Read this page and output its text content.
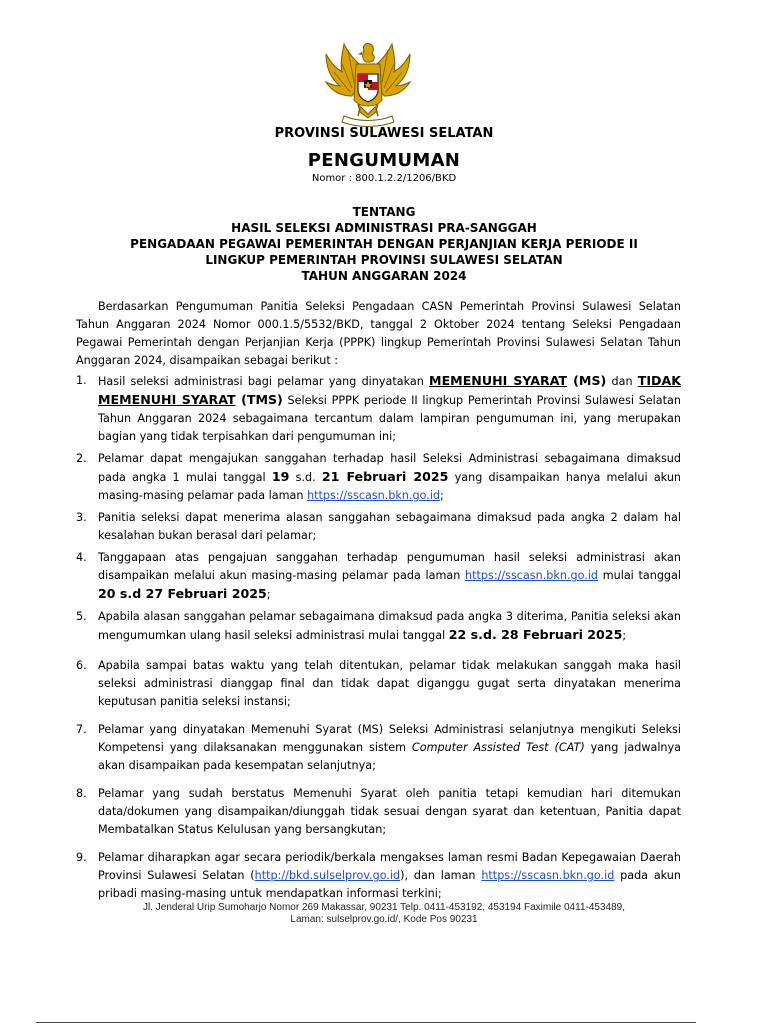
PROVINSI SULAWESI SELATAN
PENGUMUMAN
Nomor : 800.1.2.2/1206/BKD
TENTANG
HASIL SELEKSI ADMINISTRASI PRA-SANGGAH
PENGADAAN PEGAWAI PEMERINTAH DENGAN PERJANJIAN KERJA PERIODE II
LINGKUP PEMERINTAH PROVINSI SULAWESI SELATAN
TAHUN ANGGARAN 2024

Berdasarkan Pengumuman Panitia Seleksi Pengadaan CASN Pemerintah Provinsi Sulawesi Selatan Tahun Anggaran 2024 Nomor 000.1.5/5532/BKD, tanggal 2 Oktober 2024 tentang Seleksi Pengadaan Pegawai Pemerintah dengan Perjanjian Kerja (PPPK) lingkup Pemerintah Provinsi Sulawesi Selatan Tahun Anggaran 2024, disampaikan sebagai berikut :

1. Hasil seleksi administrasi bagi pelamar yang dinyatakan MEMENUHI SYARAT (MS) dan TIDAK MEMENUHI SYARAT (TMS) Seleksi PPPK periode II lingkup Pemerintah Provinsi Sulawesi Selatan Tahun Anggaran 2024 sebagaimana tercantum dalam lampiran pengumuman ini, yang merupakan bagian yang tidak terpisahkan dari pengumuman ini;
2. Pelamar dapat mengajukan sanggahan terhadap hasil Seleksi Administrasi sebagaimana dimaksud pada angka 1 mulai tanggal 19 s.d. 21 Februari 2025 yang disampaikan hanya melalui akun masing-masing pelamar pada laman https://sscasn.bkn.go.id;
3. Panitia seleksi dapat menerima alasan sanggahan sebagaimana dimaksud pada angka 2 dalam hal kesalahan bukan berasal dari pelamar;
4. Tanggapaan atas pengajuan sanggahan terhadap pengumuman hasil seleksi administrasi akan disampaikan melalui akun masing-masing pelamar pada laman https://sscasn.bkn.go.id mulai tanggal 20 s.d 27 Februari 2025;
5. Apabila alasan sanggahan pelamar sebagaimana dimaksud pada angka 3 diterima, Panitia seleksi akan mengumumkan ulang hasil seleksi administrasi mulai tanggal 22 s.d. 28 Februari 2025;
6. Apabila sampai batas waktu yang telah ditentukan, pelamar tidak melakukan sanggah maka hasil seleksi administrasi dianggap final dan tidak dapat diganggu gugat serta dinyatakan menerima keputusan panitia seleksi instansi;
7. Pelamar yang dinyatakan Memenuhi Syarat (MS) Seleksi Administrasi selanjutnya mengikuti Seleksi Kompetensi yang dilaksanakan menggunakan sistem Computer Assisted Test (CAT) yang jadwalnya akan disampaikan pada kesempatan selanjutnya;
8. Pelamar yang sudah berstatus Memenuhi Syarat oleh panitia tetapi kemudian hari ditemukan data/dokumen yang disampaikan/diunggah tidak sesuai dengan syarat dan ketentuan, Panitia dapat Membatalkan Status Kelulusan yang bersangkutan;
9. Pelamar diharapkan agar secara periodik/berkala mengakses laman resmi Badan Kepegawaian Daerah Provinsi Sulawesi Selatan (http://bkd.sulselprov.go.id), dan laman https://sscasn.bkn.go.id pada akun pribadi masing-masing untuk mendapatkan informasi terkini;
Jl. Jenderal Urip Sumoharjo Nomor 269 Makassar, 90231 Telp. 0411-453192, 453194 Faximile 0411-453489,
Laman: sulselprov.go.id/, Kode Pos 90231
